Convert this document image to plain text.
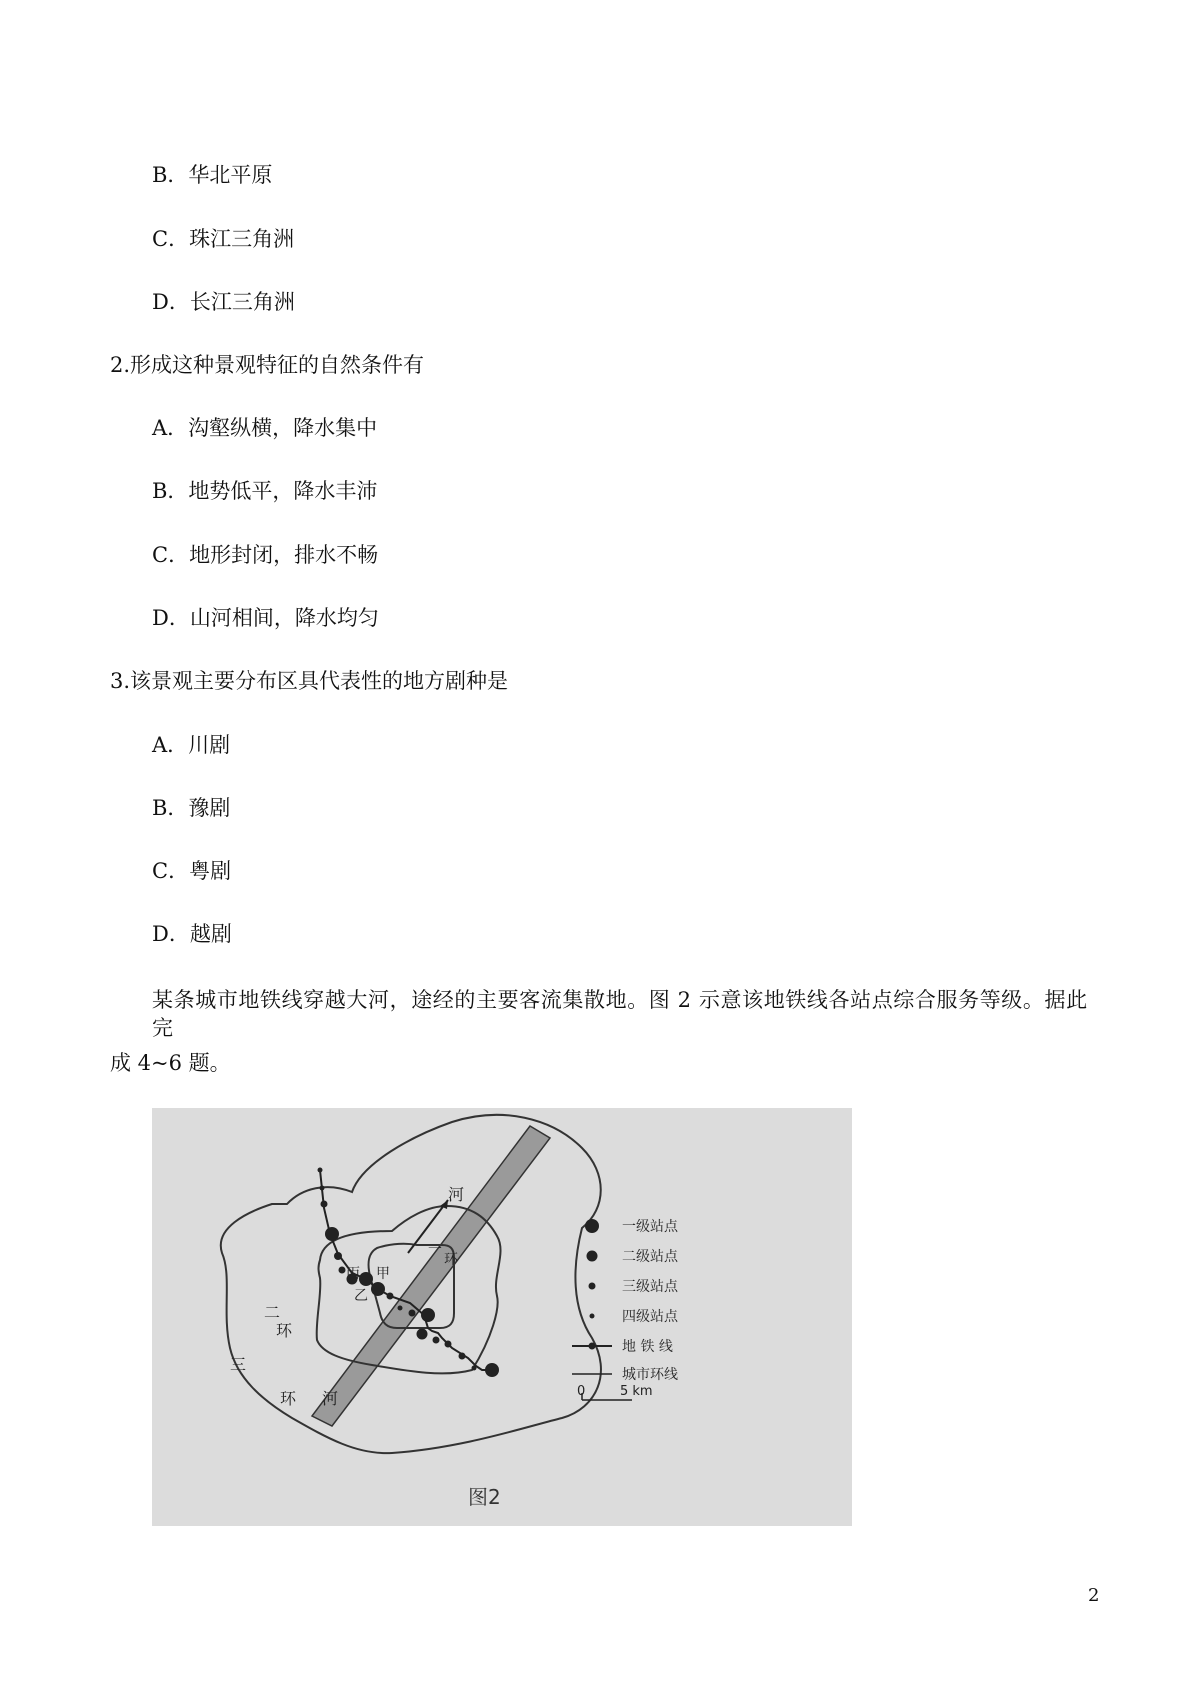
B．华北平原
C．珠江三角洲
D．长江三角洲
2.形成这种景观特征的自然条件有
A．沟壑纵横，降水集中
B．地势低平，降水丰沛
C．地形封闭，排水不畅
D．山河相间，降水均匀
3.该景观主要分布区具代表性的地方剧种是
A．川剧
B．豫剧
C．粤剧
D．越剧
某条城市地铁线穿越大河，途经的主要客流集散地。图 2 示意该地铁线各站点综合服务等级。据此完
成 4~6 题。
河
河
丙 甲
乙
一
环
二
环
三
环
一级站点
二级站点
三级站点
四级站点
地 铁 线
城市环线
0	5 km
图2
2
